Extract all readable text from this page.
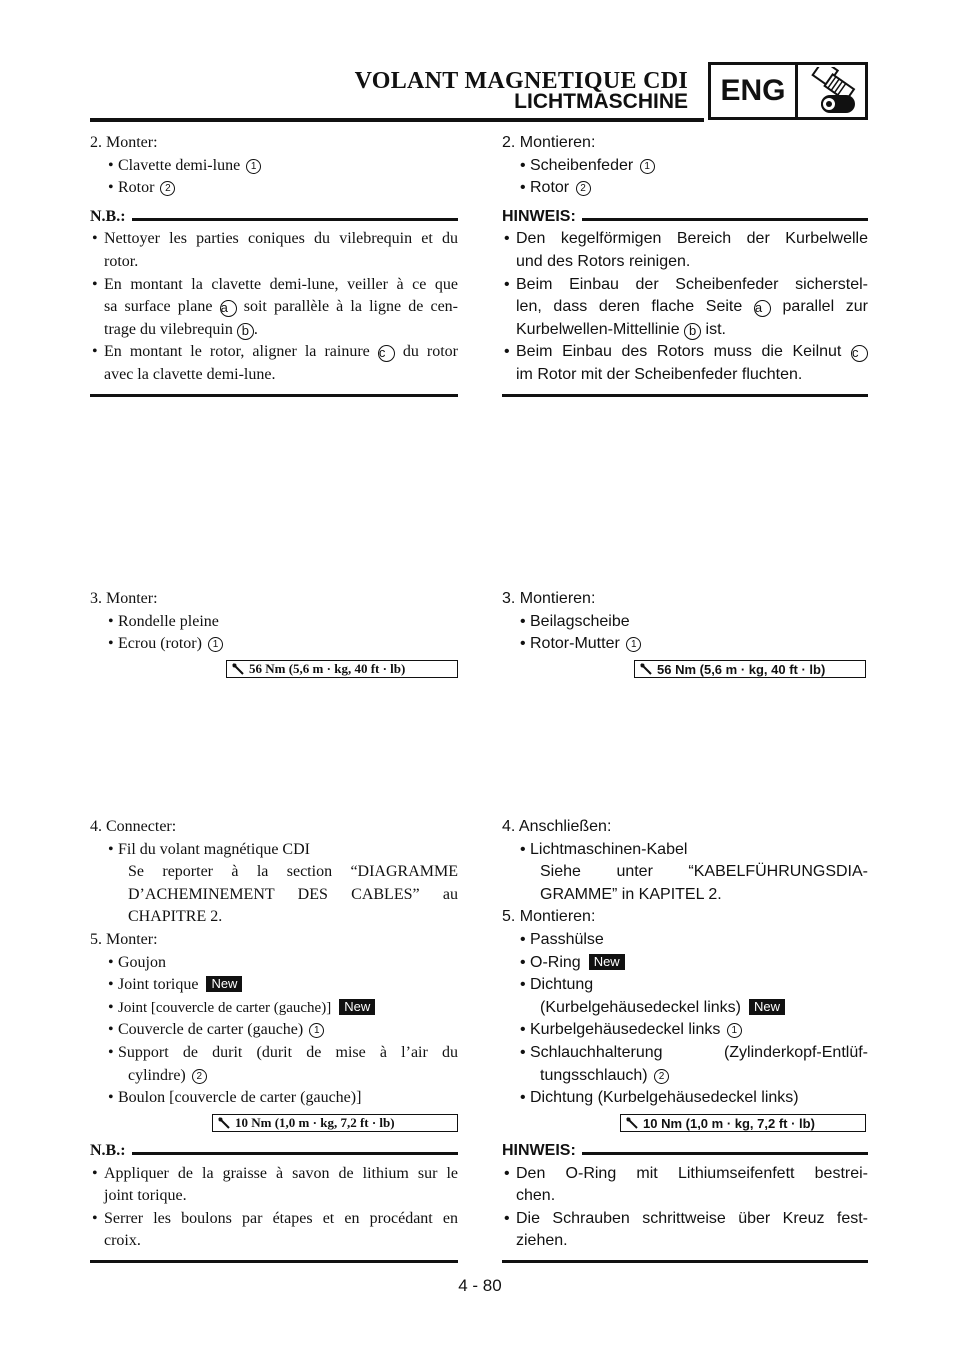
VOLANT MAGNETIQUE CDI
LICHTMASCHINE	ENG
2. Monter:
• Clavette demi-lune 1
• Rotor 2
N.B.:
• Nettoyer les parties coniques du vilebrequin et du
rotor.
• En montant la clavette demi-lune, veiller à ce que
sa surface plane a soit parallèle à la ligne de cen-
trage du vilebrequin b .
• En montant le rotor, aligner la rainure c du rotor
avec la clavette demi-lune.
3. Monter:
• Rondelle pleine
• Ecrou (rotor) 1
56 Nm (5,6 m · kg, 40 ft · lb)
4. Connecter:
• Fil du volant magnétique CDI
Se reporter à la section “DIAGRAMME
D’ACHEMINEMENT DES CABLES” au
CHAPITRE 2.
5. Monter:
• Goujon
• Joint torique New
• Joint [couvercle de carter (gauche)] New
• Couvercle de carter (gauche) 1
• Support de durit (durit de mise à l’air du
cylindre) 2
• Boulon [couvercle de carter (gauche)]
10 Nm (1,0 m · kg, 7,2 ft · lb)
N.B.:
• Appliquer de la graisse à savon de lithium sur le
joint torique.
• Serrer les boulons par étapes et en procédant en
croix.
2. Montieren:
• Scheibenfeder 1
• Rotor 2
HINWEIS:
• Den kegelförmigen Bereich der Kurbelwelle
und des Rotors reinigen.
• Beim Einbau der Scheibenfeder sicherstel-
len, dass deren flache Seite a parallel zur
Kurbelwellen-Mittellinie b ist.
• Beim Einbau des Rotors muss die Keilnut c
im Rotor mit der Scheibenfeder fluchten.
3. Montieren:
• Beilagscheibe
• Rotor-Mutter 1
56 Nm (5,6 m · kg, 40 ft · lb)
4. Anschließen:
• Lichtmaschinen-Kabel
Siehe unter “KABELFÜHRUNGSDIA-
GRAMME” in KAPITEL 2.
5. Montieren:
• Passhülse
• O-Ring New
• Dichtung
(Kurbelgehäusedeckel links) New
• Kurbelgehäusedeckel links 1
• Schlauchhalterung (Zylinderkopf-Entlüf-
tungsschlauch) 2
• Dichtung (Kurbelgehäusedeckel links)
10 Nm (1,0 m · kg, 7,2 ft · lb)
HINWEIS:
• Den O-Ring mit Lithiumseifenfett bestrei-
chen.
• Die Schrauben schrittweise über Kreuz fest-
ziehen.
4 - 80
